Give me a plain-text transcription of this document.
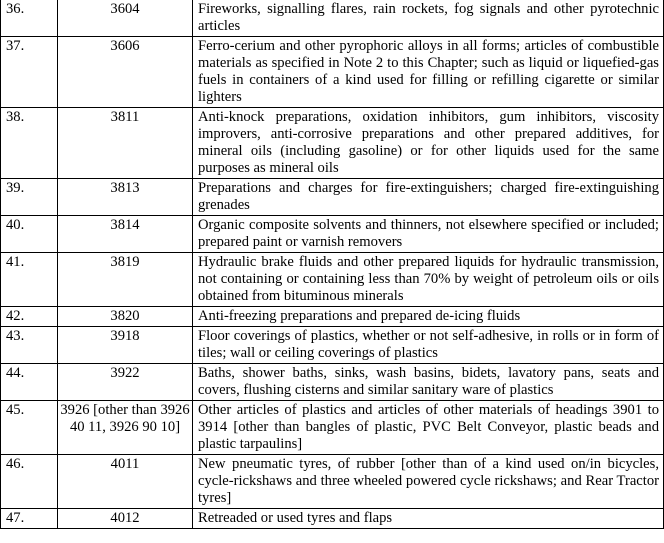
36.	3604	Fireworks, signalling flares, rain rockets, fog signals and other pyrotechnic articles
37.	3606	Ferro-cerium and other pyrophoric alloys in all forms; articles of combustible materials as specified in Note 2 to this Chapter; such as liquid or liquefied-gas fuels in containers of a kind used for filling or refilling cigarette or similar lighters
38.	3811	Anti-knock preparations, oxidation inhibitors, gum inhibitors, viscosity improvers, anti-corrosive preparations and other prepared additives, for mineral oils (including gasoline) or for other liquids used for the same purposes as mineral oils
39.	3813	Preparations and charges for fire-extinguishers; charged fire-extinguishing grenades
40.	3814	Organic composite solvents and thinners, not elsewhere specified or included; prepared paint or varnish removers
41.	3819	Hydraulic brake fluids and other prepared liquids for hydraulic transmission, not containing or containing less than 70% by weight of petroleum oils or oils obtained from bituminous minerals
42.	3820	Anti-freezing preparations and prepared de-icing fluids
43.	3918	Floor coverings of plastics, whether or not self-adhesive, in rolls or in form of tiles; wall or ceiling coverings of plastics
44.	3922	Baths, shower baths, sinks, wash basins, bidets, lavatory pans, seats and covers, flushing cisterns and similar sanitary ware of plastics
45.	3926 [other than 3926 40 11, 3926 90 10]	Other articles of plastics and articles of other materials of headings 3901 to 3914 [other than bangles of plastic, PVC Belt Conveyor, plastic beads and plastic tarpaulins]
46.	4011	New pneumatic tyres, of rubber [other than of a kind used on/in bicycles, cycle-rickshaws and three wheeled powered cycle rickshaws; and Rear Tractor tyres]
47.	4012	Retreaded or used tyres and flaps
